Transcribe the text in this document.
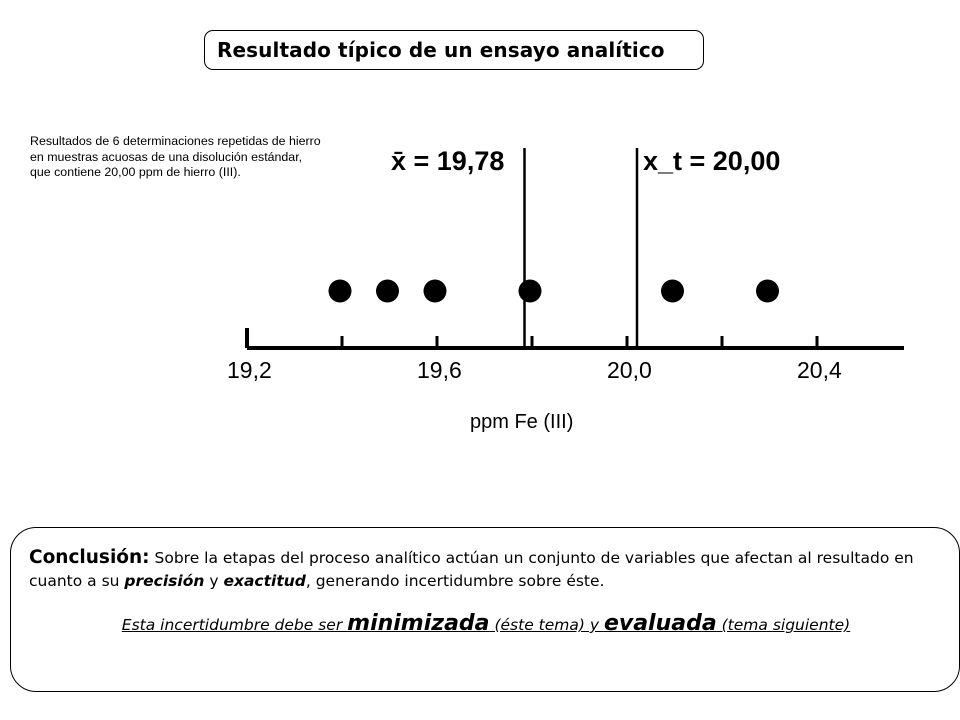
Resultado típico de un ensayo analítico
Resultados de 6 determinaciones repetidas de hierro en muestras acuosas de una disolución estándar, que contiene 20,00 ppm de hierro (III).
19,2	19,6	20,0	20,4
ppm Fe (III)
x̄ = 19,78	x_t = 20,00
Conclusión: Sobre la etapas del proceso analítico actúan un conjunto de variables que afectan al resultado en cuanto a su precisión y exactitud, generando incertidumbre sobre éste.
Esta incertidumbre debe ser minimizada (éste tema) y evaluada (tema siguiente)
